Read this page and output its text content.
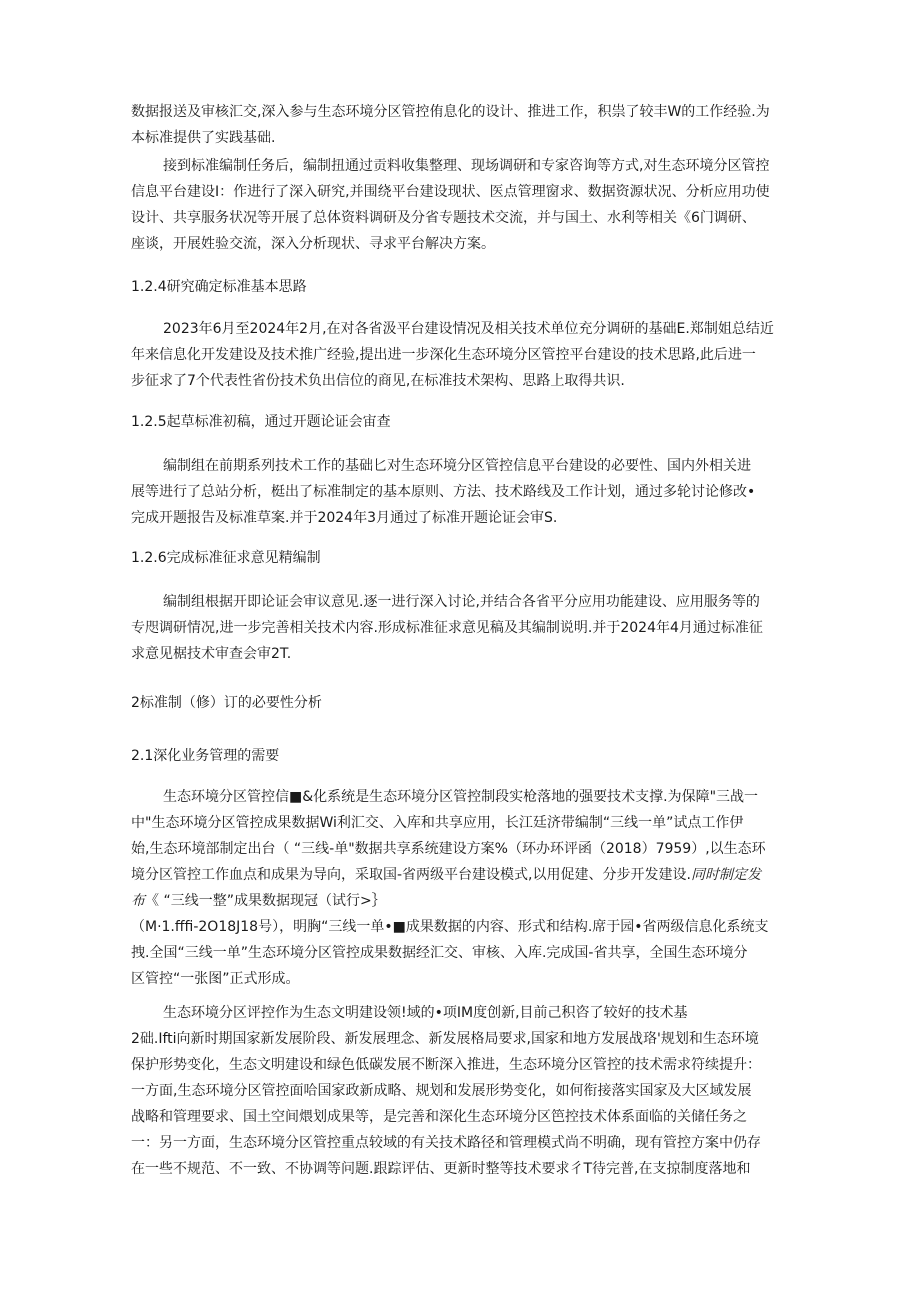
数据报送及审核汇交,深入参与生态环境分区管控侑息化的设计、推进工作，积祟了较丰W的工作经验.为
本标准提供了实践基础.
接到标准编制任务后，编制扭通过贡料收集整理、现场调研和专家咨询等方式,对生态环境分区管控
信息平台建设I：作进行了深入研究,并围绕平台建设现状、医点管理窗求、数据资源状况、分析应用功使
设计、共享服务状况等开展了总体资料调研及分省专题技术交流，并与国土、水利等相关《6门调研、
座谈，开展姓验交流，深入分析现状、寻求平台解决方案。
1.2.4研究确定标准基本思路
2023年6月至2024年2月,在对各省汲平台建设情况及相关技术单位充分调研的基础E.郑制姐总结近
年来信息化开发建设及技术推广经验,提出进一步深化生态环境分区管控平台建设的技术思路,此后进一
步征求了7个代表性省份技术负出信位的商见,在标准技术架构、思路上取得共识.
1.2.5起草标准初稿，通过开题论证会宙查
编制组在前期系列技术工作的基础匕对生态环境分区管控信息平台建设的必要性、国内外相关进
展等进行了总站分析，梃出了标准制定的基本原则、方法、技术路线及工作计划，通过多轮讨论修改•
完成开题报告及标准草案.并于2024年3月通过了标准开题论证会审S.
1.2.6完成标准征求意见精编制
编制组根据开即论证会审议意见.逐一进行深入讨论,并结合各省平分应用功能建设、应用服务等的
专咫调研情况,进一步完善相关技术内容.形成标准征求意见稿及其编制说明.并于2024年4月通过标准征
求意见椐技术审查会审2T.
2标准制（修）订的必要性分析
2.1深化业务管理的需要
生态环境分区管控信■&化系统是生态环境分区管控制段实枪落地的强要技术支撑.为保障"三战一
中"生态环境分区管控成果数据Wi利汇交、入库和共享应用，长江廷济带编制“三线一单”试点工作伊
始,生态环境部制定出台（ “三线-单"数据共享系统建设方案%（环办环评函（2018）7959）,以生态环
境分区管控工作血点和成果为导向，采取国-省两级平台建设模式,以用促建、分步开发建设.同时制定发
布《 “三线一整”成果数据现冠（试行>｝
（M·1.fffi-2O18J18号），明胸“三线一单•■成果数据的内容、形式和结构.席于园•省两级信息化系统支
拽.全国“三线一单”生态环境分区管控成果数据经汇交、审核、入库.完成国-省共享，全国生态环境分
区管控“一张图”正式形成。
生态环境分区评控作为生态文明建设领!域的•项IM度创新,目前己积咨了较好的技术基
2础.Ifti向新时期国家新发展阶段、新发展理念、新发展格局要求,国家和地方发展战珞'规划和生态环境
保护形势变化，生态文明建设和绿色低碳发展不断深入推进，生态环境分区管控的技术需求符续提升：
一方面,生态环境分区管控面哈国家政新成略、规划和发展形势变化，如何衔接落实国家及大区域发展
战略和管理要求、国土空间煨划成果等，是完善和深化生态环境分区笆控技术体系面临的关储任务之
一：另一方面，生态环境分区管控重点较域的有关技术路径和管理模式尚不明确，现有管控方案中仍存
在一些不规范、不一致、不协调等问题.跟踪评估、更新时整等技术要求彳T待完普,在支掠制度落地和
